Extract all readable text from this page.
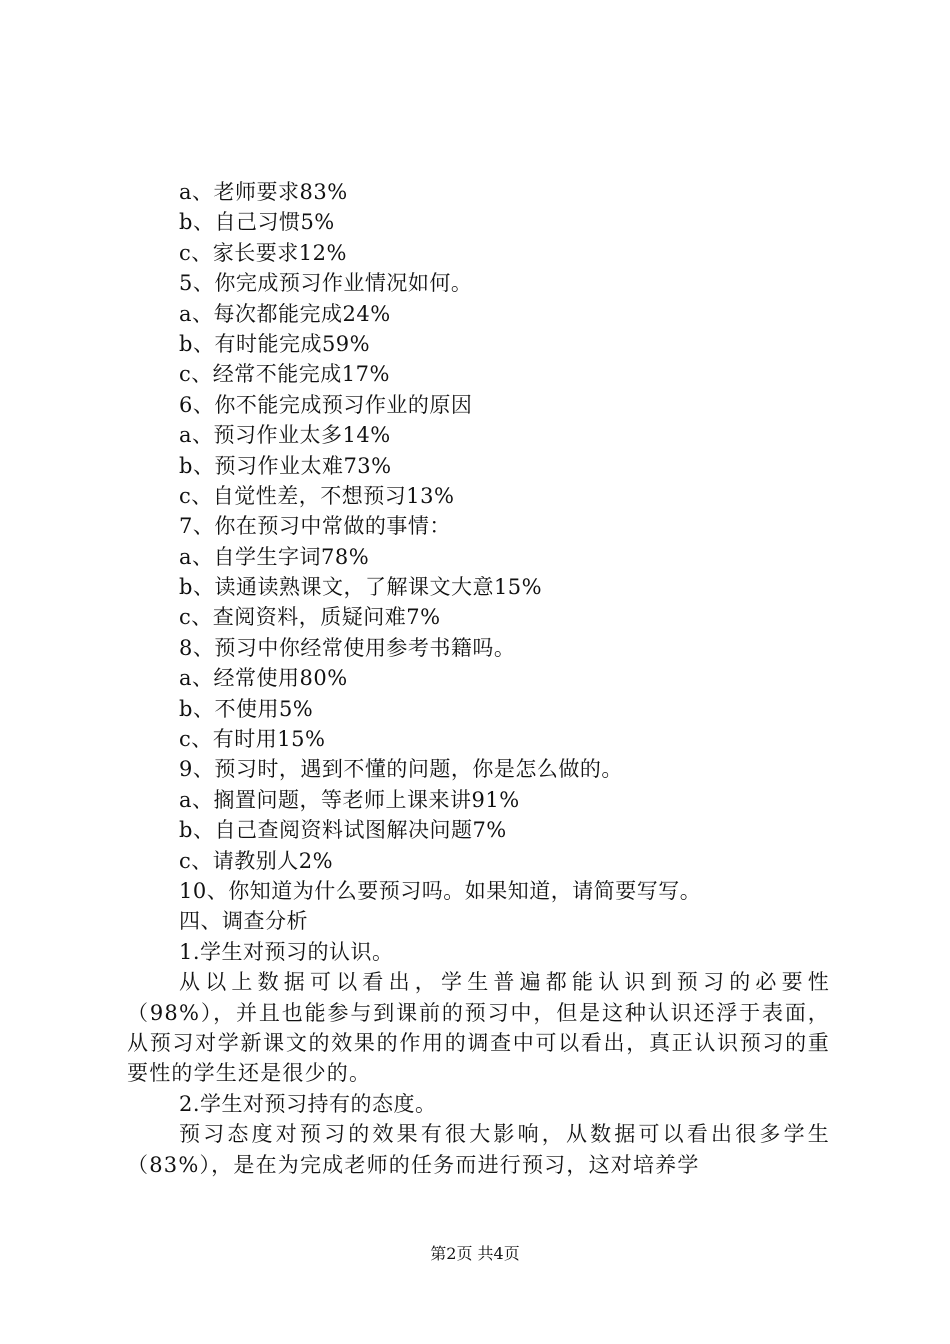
a、老师要求83%
b、自己习惯5%
c、家长要求12%
5、你完成预习作业情况如何。
a、每次都能完成24%
b、有时能完成59%
c、经常不能完成17%
6、你不能完成预习作业的原因
a、预习作业太多14%
b、预习作业太难73%
c、自觉性差，不想预习13%
7、你在预习中常做的事情：
a、自学生字词78%
b、读通读熟课文，了解课文大意15%
c、查阅资料，质疑问难7%
8、预习中你经常使用参考书籍吗。
a、经常使用80%
b、不使用5%
c、有时用15%
9、预习时，遇到不懂的问题，你是怎么做的。
a、搁置问题，等老师上课来讲91%
b、自己查阅资料试图解决问题7%
c、请教别人2%
10、你知道为什么要预习吗。如果知道，请简要写写。
四、调查分析
1.学生对预习的认识。

从以上数据可以看出，学生普遍都能认识到预习的必要性（98%），并且也能参与到课前的预习中，但是这种认识还浮于表面，从预习对学新课文的效果的作用的调查中可以看出，真正认识预习的重要性的学生还是很少的。

2.学生对预习持有的态度。

预习态度对预习的效果有很大影响，从数据可以看出很多学生（83%），是在为完成老师的任务而进行预习，这对培养学

第2页 共4页
